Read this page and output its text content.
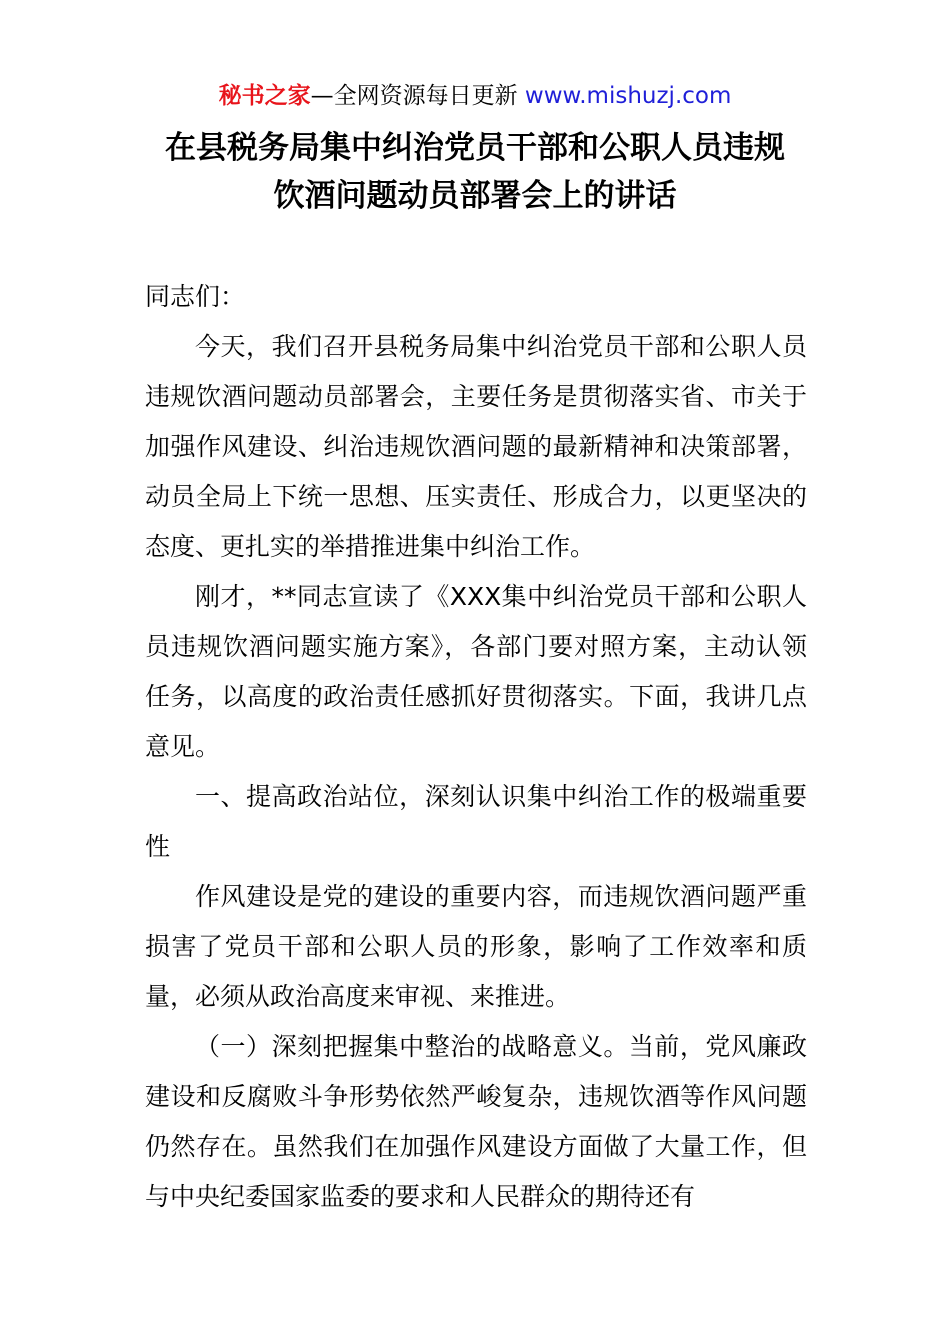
秘书之家—全网资源每日更新 www.mishuzj.com
在县税务局集中纠治党员干部和公职人员违规
饮酒问题动员部署会上的讲话

同志们：

今天，我们召开县税务局集中纠治党员干部和公职人员违规饮酒问题动员部署会，主要任务是贯彻落实省、市关于加强作风建设、纠治违规饮酒问题的最新精神和决策部署，动员全局上下统一思想、压实责任、形成合力，以更坚决的态度、更扎实的举措推进集中纠治工作。

刚才，**同志宣读了《XXX集中纠治党员干部和公职人员违规饮酒问题实施方案》，各部门要对照方案，主动认领任务，以高度的政治责任感抓好贯彻落实。下面，我讲几点意见。

一、提高政治站位，深刻认识集中纠治工作的极端重要性

作风建设是党的建设的重要内容，而违规饮酒问题严重损害了党员干部和公职人员的形象，影响了工作效率和质量，必须从政治高度来审视、来推进。

（一）深刻把握集中整治的战略意义。当前，党风廉政建设和反腐败斗争形势依然严峻复杂，违规饮酒等作风问题仍然存在。虽然我们在加强作风建设方面做了大量工作，但与中央纪委国家监委的要求和人民群众的期待还有
